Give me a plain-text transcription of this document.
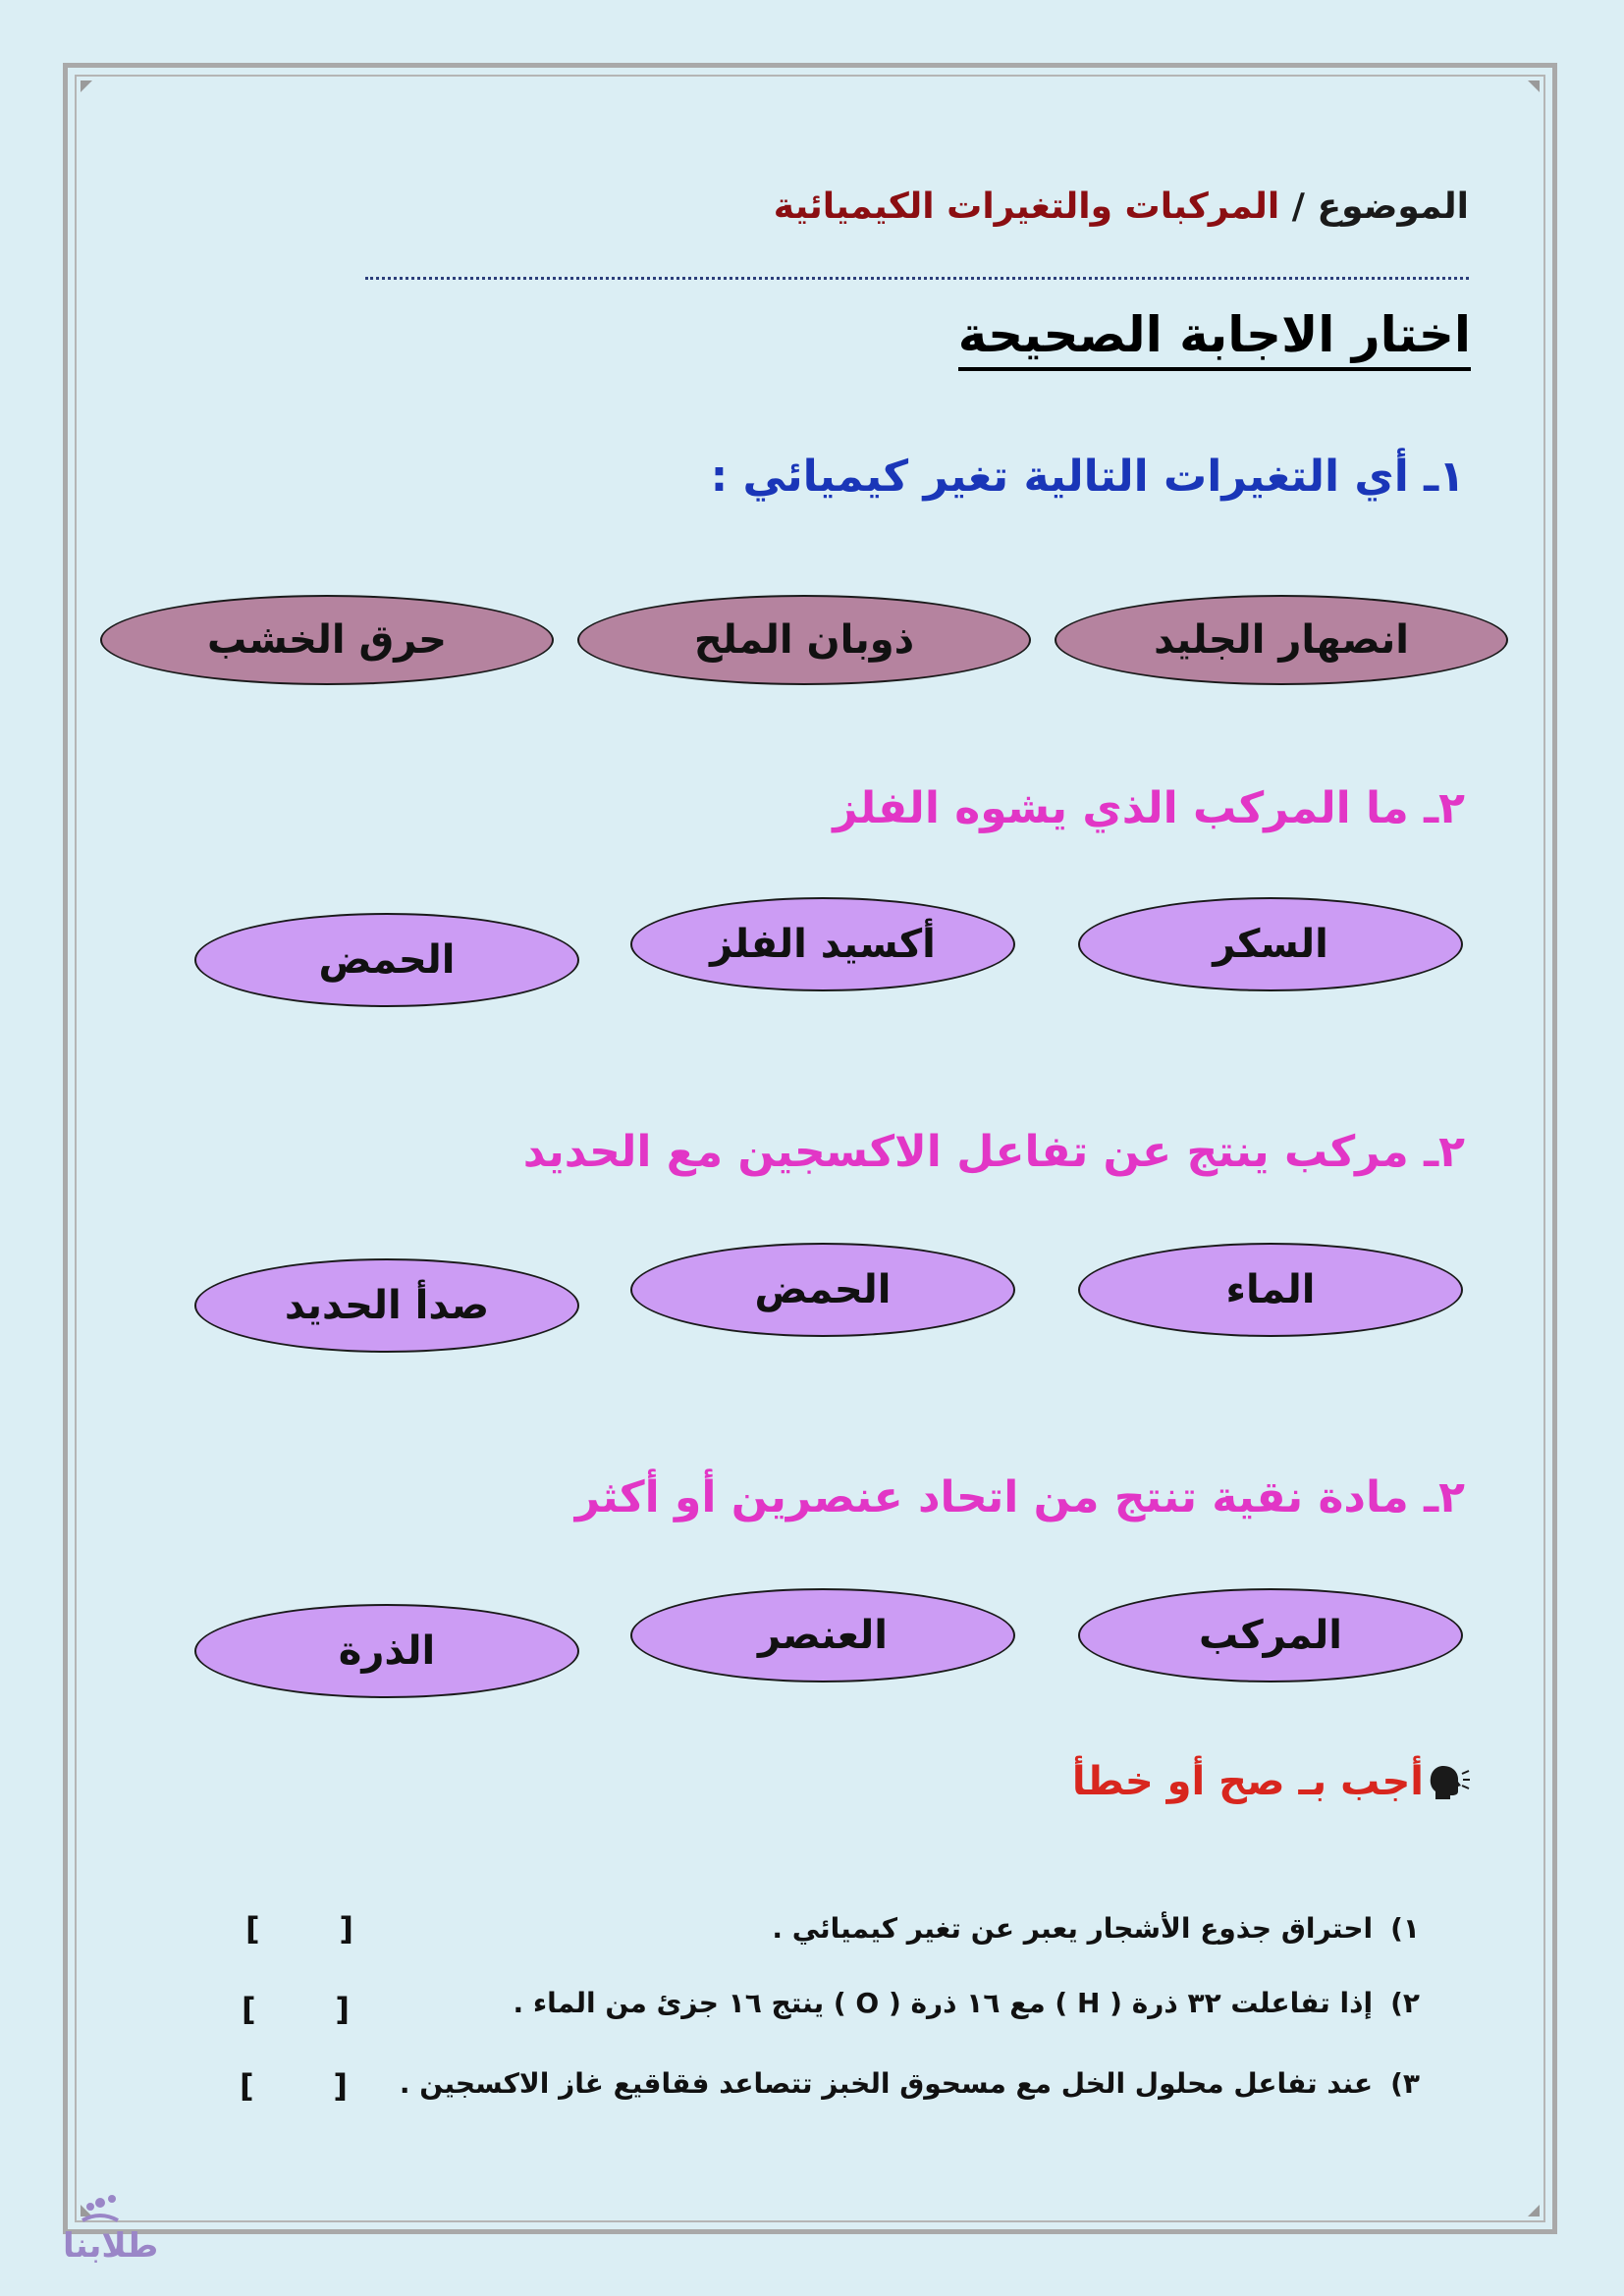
الموضوع / المركبات والتغيرات الكيميائية
اختار الاجابة الصحيحة
١ـ أي التغيرات التالية تغير كيميائي :
انصهار الجليد
ذوبان الملح
حرق الخشب
٢ـ ما المركب الذي يشوه الفلز
السكر
أكسيد الفلز
الحمض
٢ـ مركب ينتج عن تفاعل الاكسجين مع الحديد
الماء
الحمض
صدأ الحديد
٢ـ مادة نقية تنتج من اتحاد عنصرين أو أكثر
المركب
العنصر
الذرة
أجب بـ صح أو خطأ
١)احتراق جذوع الأشجار يعبر عن تغير كيميائي .
[	]
٢)إذا تفاعلت ٣٢ ذرة ( H ) مع ١٦ ذرة ( O ) ينتج ١٦ جزئ من الماء .
[	]
٣)عند تفاعل محلول الخل مع مسحوق الخبز تتصاعد فقاقيع غاز الاكسجين .
[	]
طلابنا
